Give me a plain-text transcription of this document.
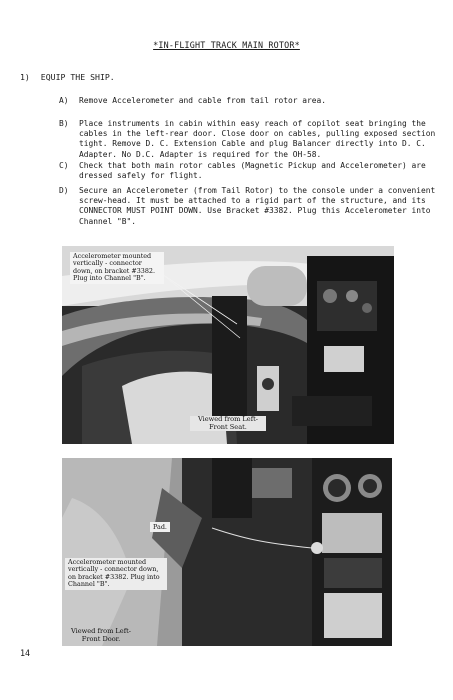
*IN-FLIGHT TRACK MAIN ROTOR*
1) EQUIP THE SHIP.
A) Remove Accelerometer and cable from tail rotor area.
B) Place instruments in cabin within easy reach of copilot seat bringing the cables in the left-rear door. Close door on cables, pulling exposed section tight. Remove D. C. Extension Cable and plug Balancer directly into D. C. Adapter. No D.C. Adapter is required for the OH-58.
C) Check that both main rotor cables (Magnetic Pickup and Accelerometer) are dressed safely for flight.
D) Secure an Accelerometer (from Tail Rotor) to the console under a convenient screw-head. It must be attached to a rigid part of the structure, and its CONNECTOR MUST POINT DOWN. Use Bracket #3382. Plug this Accelerometer into Channel "B".
Accelerometer mounted vertically - connector down, on bracket #3382. Plug into Channel "B".
Viewed from Left-Front Seat.
Pad.
Accelerometer mounted vertically - connector down, on bracket #3382. Plug into Channel "B".
Viewed from Left-Front Door.
14
